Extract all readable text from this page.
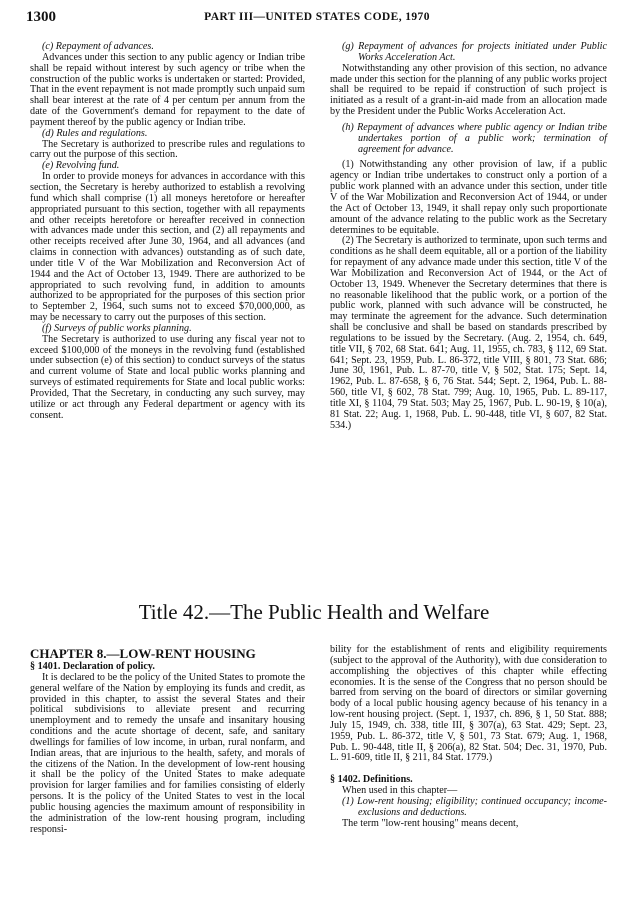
1300	PART III—UNITED STATES CODE, 1970

(c) Repayment of advances.

Advances under this section to any public agency or Indian tribe shall be repaid without interest by such agency or tribe when the construction of the public works is undertaken or started: Provided, That in the event repayment is not made promptly such unpaid sum shall bear interest at the rate of 4 per centum per annum from the date of the Government's demand for repayment to the date of payment thereof by the public agency or Indian tribe.

(d) Rules and regulations.

The Secretary is authorized to prescribe rules and regulations to carry out the purpose of this section.

(e) Revolving fund.

In order to provide moneys for advances in accordance with this section, the Secretary is hereby authorized to establish a revolving fund which shall comprise (1) all moneys heretofore or hereafter appropriated pursuant to this section, together with all repayments and other receipts heretofore or hereafter received in connection with advances made under this section, and (2) all repayments and other receipts received after June 30, 1964, and all advances (and claims in connection with advances) outstanding as of such date, under title V of the War Mobilization and Reconversion Act of 1944 and the Act of October 13, 1949. There are authorized to be appropriated to such revolving fund, in addition to amounts authorized to be appropriated for the purposes of this section prior to September 2, 1964, such sums not to exceed $70,000,000, as may be necessary to carry out the purposes of this section.

(f) Surveys of public works planning.

The Secretary is authorized to use during any fiscal year not to exceed $100,000 of the moneys in the revolving fund (established under subsection (e) of this section) to conduct surveys of the status and current volume of State and local public works planning and surveys of estimated requirements for State and local public works: Provided, That the Secretary, in conducting any such survey, may utilize or act through any Federal department or agency with its consent.

(g) Repayment of advances for projects initiated under Public Works Acceleration Act.

Notwithstanding any other provision of this section, no advance made under this section for the planning of any public works project shall be required to be repaid if construction of such project is initiated as a result of a grant-in-aid made from an allocation made by the President under the Public Works Acceleration Act.

(h) Repayment of advances where public agency or Indian tribe undertakes portion of a public work; termination of agreement for advance.

(1) Notwithstanding any other provision of law, if a public agency or Indian tribe undertakes to construct only a portion of a public work planned with an advance under this section, under title V of the War Mobilization and Reconversion Act of 1944, or under the Act of October 13, 1949, it shall repay only such proportionate amount of the advance relating to the public work as the Secretary determines to be equitable.

(2) The Secretary is authorized to terminate, upon such terms and conditions as he shall deem equitable, all or a portion of the liability for repayment of any advance made under this section, title V of the War Mobilization and Reconversion Act of 1944, or the Act of October 13, 1949. Whenever the Secretary determines that there is no reasonable likelihood that the public work, or a portion of the public work, planned with such advance will be constructed, he may terminate the agreement for the advance. Such determination shall be conclusive and shall be based on standards prescribed by regulations to be issued by the Secretary. (Aug. 2, 1954, ch. 649, title VII, § 702, 68 Stat. 641; Aug. 11, 1955, ch. 783, § 112, 69 Stat. 641; Sept. 23, 1959, Pub. L. 86-372, title VIII, § 801, 73 Stat. 686; June 30, 1961, Pub. L. 87-70, title V, § 502, Stat. 175; Sept. 14, 1962, Pub. L. 87-658, § 6, 76 Stat. 544; Sept. 2, 1964, Pub. L. 88-560, title VI, § 602, 78 Stat. 799; Aug. 10, 1965, Pub. L. 89-117, title XI, § 1104, 79 Stat. 503; May 25, 1967, Pub. L. 90-19, § 10(a), 81 Stat. 22; Aug. 1, 1968, Pub. L. 90-448, title VI, § 607, 82 Stat. 534.)

Title 42.—The Public Health and Welfare

CHAPTER 8.—LOW-RENT HOUSING

§ 1401. Declaration of policy.

It is declared to be the policy of the United States to promote the general welfare of the Nation by employing its funds and credit, as provided in this chapter, to assist the several States and their political subdivisions to alleviate present and recurring unemployment and to remedy the unsafe and insanitary housing conditions and the acute shortage of decent, safe, and sanitary dwellings for families of low income, in urban, rural nonfarm, and Indian areas, that are injurious to the health, safety, and morals of the citizens of the Nation. In the development of low-rent housing it shall be the policy of the United States to make adequate provision for larger families and for families consisting of elderly persons. It is the policy of the United States to vest in the local public housing agencies the maximum amount of responsibility in the administration of the low-rent housing program, including responsi-

bility for the establishment of rents and eligibility requirements (subject to the approval of the Authority), with due consideration to accomplishing the objectives of this chapter while effecting economies. It is the sense of the Congress that no person should be barred from serving on the board of directors or similar governing body of a local public housing agency because of his tenancy in a low-rent housing project. (Sept. 1, 1937, ch. 896, § 1, 50 Stat. 888; July 15, 1949, ch. 338, title III, § 307(a), 63 Stat. 429; Sept. 23, 1959, Pub. L. 86-372, title V, § 501, 73 Stat. 679; Aug. 1, 1968, Pub. L. 90-448, title II, § 206(a), 82 Stat. 504; Dec. 31, 1970, Pub. L. 91-609, title II, § 211, 84 Stat. 1779.)

§ 1402. Definitions.

When used in this chapter—

(1) Low-rent housing; eligibility; continued occupancy; income-exclusions and deductions.

The term "low-rent housing" means decent,
